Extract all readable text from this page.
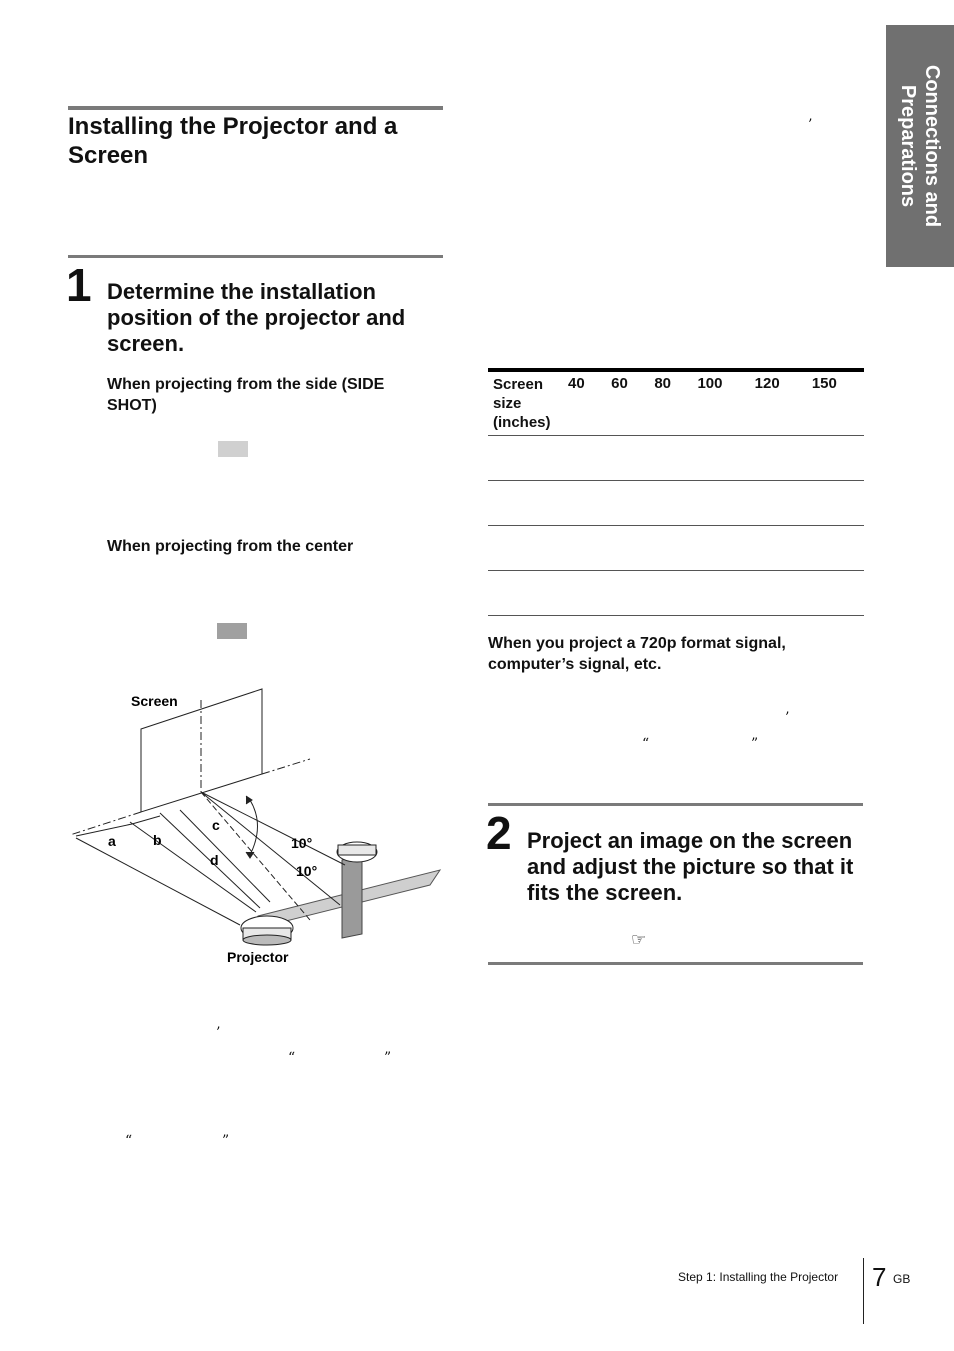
Connections and
Preparations
Installing the Projector and a Screen
1 Determine the installation position of the projector and screen.
When projecting from the side (SIDE SHOT)
When projecting from the center
Screen
Projector
a	b
c
d
10°
10°
’
“	”
“	”
’
Screen size (inches)	40	60	80	100	120	150

When you project a 720p format signal, computer’s signal, etc.
’
“	”
2 Project an image on the screen and adjust the picture so that it fits the screen.
☞
Step 1: Installing the Projector 7 GB
